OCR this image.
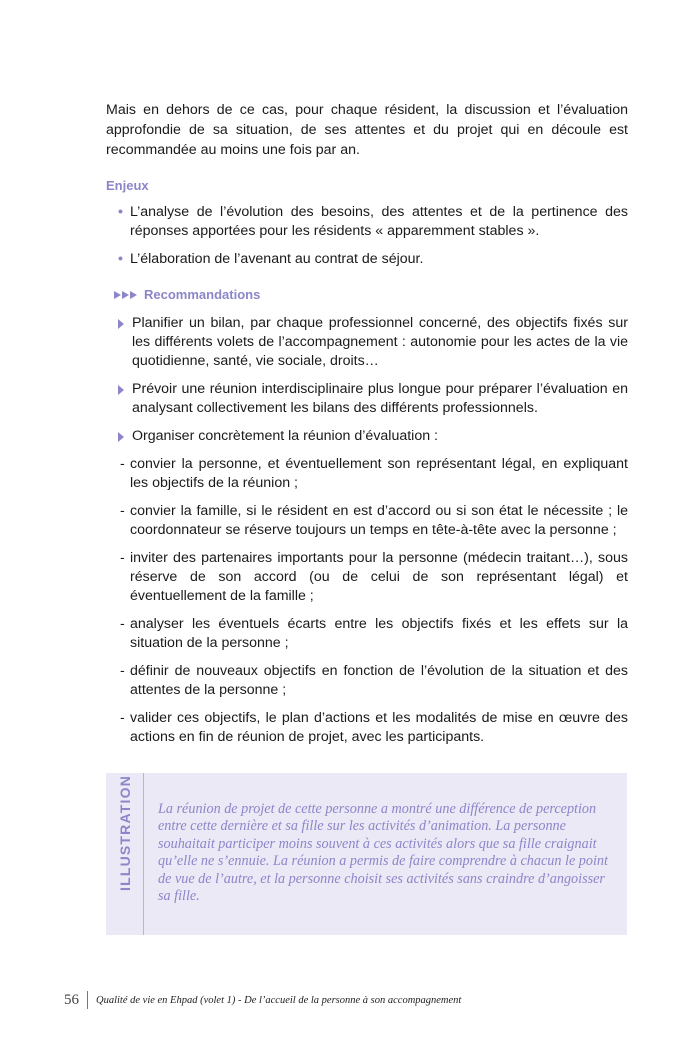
Mais en dehors de ce cas, pour chaque résident, la discussion et l’évaluation approfondie de sa situation, de ses attentes et du projet qui en découle est recommandée au moins une fois par an.

Enjeux
• L’analyse de l’évolution des besoins, des attentes et de la pertinence des réponses apportées pour les résidents « apparemment stables ».
• L’élaboration de l’avenant au contrat de séjour.
Recommandations
Planifier un bilan, par chaque professionnel concerné, des objectifs fixés sur les différents volets de l’accompagnement : autonomie pour les actes de la vie quotidienne, santé, vie sociale, droits…
Prévoir une réunion interdisciplinaire plus longue pour préparer l’évaluation en analysant collectivement les bilans des différents professionnels.
Organiser concrètement la réunion d’évaluation :
- convier la personne, et éventuellement son représentant légal, en expliquant les objectifs de la réunion ;
- convier la famille, si le résident en est d’accord ou si son état le nécessite ; le coordonnateur se réserve toujours un temps en tête-à-tête avec la personne ;
- inviter des partenaires importants pour la personne (médecin traitant…), sous réserve de son accord (ou de celui de son représentant légal) et éventuellement de la famille ;
- analyser les éventuels écarts entre les objectifs fixés et les effets sur la situation de la personne ;
- définir de nouveaux objectifs en fonction de l’évolution de la situation et des attentes de la personne ;
- valider ces objectifs, le plan d’actions et les modalités de mise en œuvre des actions en fin de réunion de projet, avec les participants.
ILLUSTRATION La réunion de projet de cette personne a montré une différence de perception entre cette dernière et sa fille sur les activités d’animation. La personne souhaitait participer moins souvent à ces activités alors que sa fille craignait qu’elle ne s’ennuie. La réunion a permis de faire comprendre à chacun le point de vue de l’autre, et la personne choisit ses activités sans craindre d’angoisser sa fille.

56	Qualité de vie en Ehpad (volet 1) - De l’accueil de la personne à son accompagnement
